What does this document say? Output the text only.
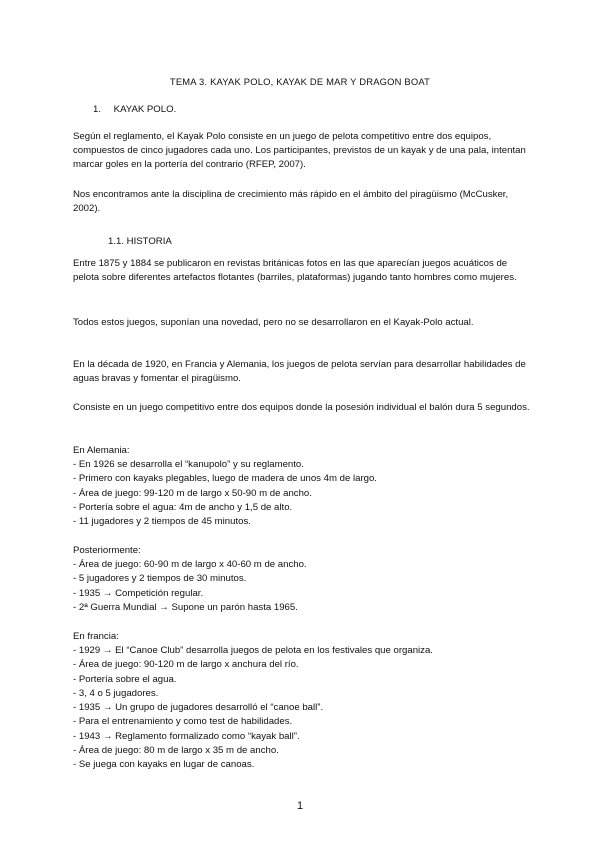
TEMA 3. KAYAK POLO, KAYAK DE MAR Y DRAGON BOAT
1. KAYAK POLO.

Según el reglamento, el Kayak Polo consiste en un juego de pelota competitivo entre dos equipos, compuestos de cinco jugadores cada uno. Los participantes, previstos de un kayak y de una pala, intentan marcar goles en la portería del contrario (RFEP, 2007).

Nos encontramos ante la disciplina de crecimiento más rápido en el ámbito del piragüismo (McCusker, 2002).

1.1. HISTORIA

Entre 1875 y 1884 se publicaron en revistas británicas fotos en las que aparecían juegos acuáticos de pelota sobre diferentes artefactos flotantes (barriles, plataformas) jugando tanto hombres como mujeres.

Todos estos juegos, suponían una novedad, pero no se desarrollaron en el Kayak-Polo actual.

En la década de 1920, en Francia y Alemania, los juegos de pelota servían para desarrollar habilidades de aguas bravas y fomentar el piragüismo.

Consiste en un juego competitivo entre dos equipos donde la posesión individual el balón dura 5 segundos.

En Alemania:
- En 1926 se desarrolla el “kanupolo” y su reglamento.
- Primero con kayaks plegables, luego de madera de unos 4m de largo.
- Área de juego: 99-120 m de largo x 50-90 m de ancho.
- Portería sobre el agua: 4m de ancho y 1,5 de alto.
- 11 jugadores y 2 tiempos de 45 minutos.
Posteriormente:
- Área de juego: 60-90 m de largo x 40-60 m de ancho.
- 5 jugadores y 2 tiempos de 30 minutos.
- 1935 → Competición regular.
- 2ª Guerra Mundial → Supone un parón hasta 1965.
En francia:
- 1929 → El “Canoe Club” desarrolla juegos de pelota en los festivales que organiza.
- Área de juego: 90-120 m de largo x anchura del río.
- Portería sobre el agua.
- 3, 4 o 5 jugadores.
- 1935 → Un grupo de jugadores desarrolló el “canoe ball”.
- Para el entrenamiento y como test de habilidades.
- 1943 → Reglamento formalizado como “kayak ball”.
- Área de juego: 80 m de largo x 35 m de ancho.
- Se juega con kayaks en lugar de canoas.
1
